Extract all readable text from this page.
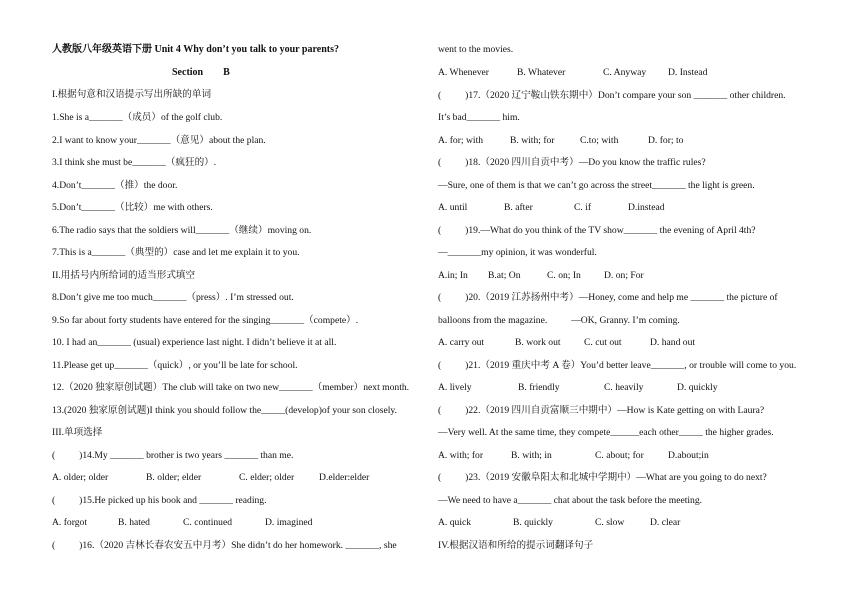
人教版八年级英语下册 Unit 4 Why don’t you talk to your parents?
Section        B
I.根据句意和汉语提示写出所缺的单词
1.She is a_______（成员）of the golf club.
2.I want to know your_______（意见）about the plan.
3.I think she must be_______（疯狂的）.
4.Don’t_______（推）the door.
5.Don’t_______（比较）me with others.
6.The radio says that the soldiers will_______（继续）moving on.
7.This is a_______（典型的）case and let me explain it to you.
II.用括号内所给词的适当形式填空
8.Don’t give me too much_______（press）. I’m stressed out.
9.So far about forty students have entered for the singing_______（compete）.
10. I had an_______ (usual) experience last night. I didn’t believe it at all.
11.Please get up_______（quick）, or you’ll be late for school.
12.（2020 独家原创试题）The club will take on two new_______（member）next month.
13.(2020 独家原创试题)I think you should follow the_____(develop)of your son closely.
III.单项选择
(          )14.My _______ brother is two years _______ than me.
A. older; older	B. older; elder	C. elder; older	D.elder:elder
(          )15.He picked up his book and _______ reading.
A. forgot	B. hated	C. continued	D. imagined
(          )16.（2020 吉林长春农安五中月考）She didn’t do her homework. _______, she
went to the movies.
A. Whenever	B. Whatever	C. Anyway	D. Instead
(          )17.（2020 辽宁鞍山铁东期中）Don’t compare your son _______ other children.
It’s bad_______ him.
A. for; with	B. with; for	C.to; with	D. for; to
(          )18.（2020 四川自贡中考）—Do you know the traffic rules?
—Sure, one of them is that we can’t go across the street_______ the light is green.
A. until	B. after	C. if	D.instead
(          )19.—What do you think of the TV show_______ the evening of April 4th?
—_______my opinion, it was wonderful.
A.in; In	B.at; On	C. on; In	D. on; For
(          )20.（2019 江苏扬州中考）—Honey, come and help me _______ the picture of
balloons from the magazine.          —OK, Granny. I’m coming.
A. carry out	B. work out	C. cut out	D. hand out
(          )21.（2019 重庆中考 A 卷）You’d better leave_______, or trouble will come to you.
A. lively	B. friendly	C. heavily	D. quickly
(          )22.（2019 四川自贡富顺三中期中）—How is Kate getting on with Laura?
—Very well. At the same time, they compete______each other_____ the higher grades.
A. with; for	B. with; in	C. about; for	D.about;in
(          )23.（2019 安徽阜阳太和北城中学期中）—What are you going to do next?
—We need to have a_______ chat about the task before the meeting.
A. quick	B. quickly	C. slow	D. clear
IV.根据汉语和所给的提示词翻译句子
